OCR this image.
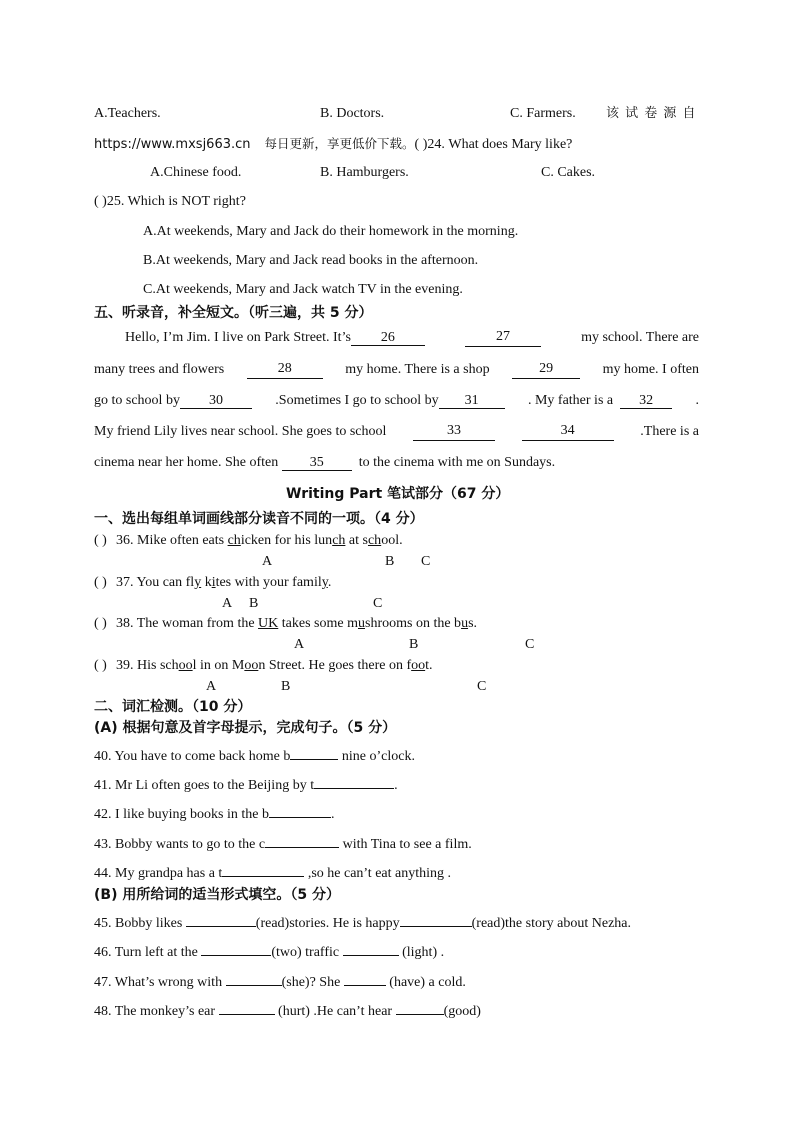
A.Teachers.	B. Doctors.	C. Farmers. 该 试 卷 源 自
https://www.mxsj663.cn 每日更新，享更低价下载。( )24. What does Mary like?
A.Chinese food.	B. Hamburgers.	C. Cakes.
( )25. Which is NOT right?
A.At weekends, Mary and Jack do their homework in the morning.
B.At weekends, Mary and Jack read books in the afternoon.
C.At weekends, Mary and Jack watch TV in the evening.
五、听录音，补全短文。（听三遍，共 5 分）
Hello, I’m Jim. I live on Park Street. It’s 26	27	my school. There are
many trees and flowers	28	my home. There is a shop	29	my home. I often
go to school by 30	.Sometimes I go to school by 31	. My father is a 32	.
My friend Lily lives near school. She goes to school	33	34	.There is a
cinema near her home. She often 35	to the cinema with me on Sundays.
Writing Part 笔试部分（67 分）
一、选出每组单词画线部分读音不同的一项。（4 分）
( ) 36. Mike often eats chicken for his lunch at school.
A	B C
( ) 37. You can fly kites with your family.
A B	C
( ) 38. The woman from the UK takes some mushrooms on the bus.
A	B	C
( ) 39. His school in on Moon Street. He goes there on foot.
A	B	C
二、词汇检测。（10 分）
(A) 根据句意及首字母提示，完成句子。（5 分）
40. You have to come back home b	nine o’clock.
41. Mr Li often goes to the Beijing by t	.
42. I like buying books in the b	.
43. Bobby wants to go to the c	with Tina to see a film.
44. My grandpa has a t	,so he can’t eat anything .
(B) 用所给词的适当形式填空。（5 分）
45. Bobby likes	(read)stories. He is happy	(read)the story about Nezha.
46. Turn left at the	(two) traffic	(light) .
47. What’s wrong with	(she)? She	(have) a cold.
48. The monkey’s ear	(hurt) .He can’t hear	(good)
